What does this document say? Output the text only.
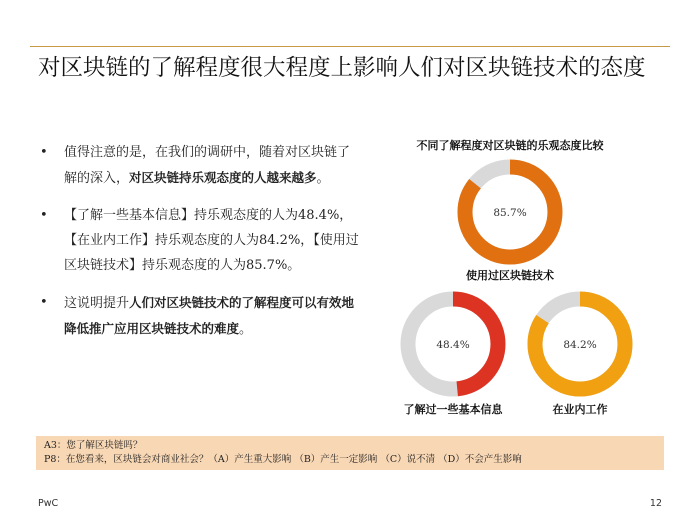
对区块链的了解程度很大程度上影响人们对区块链技术的态度
• 值得注意的是，在我们的调研中，随着对区块链了解的深入，对区块链持乐观态度的人越来越多。
• 【了解一些基本信息】持乐观态度的人为48.4%，【在业内工作】持乐观态度的人为84.2%，【使用过区块链技术】持乐观态度的人为85.7%。
• 这说明提升人们对区块链技术的了解程度可以有效地降低推广应用区块链技术的难度。
不同了解程度对区块链的乐观态度比较
85.7%
使用过区块链技术
48.4%
了解过一些基本信息
84.2%
在业内工作
A3：您了解区块链吗？
P8：在您看来，区块链会对商业社会？（A）产生重大影响 （B）产生一定影响 （C）说不清 （D）不会产生影响
PwC	12
